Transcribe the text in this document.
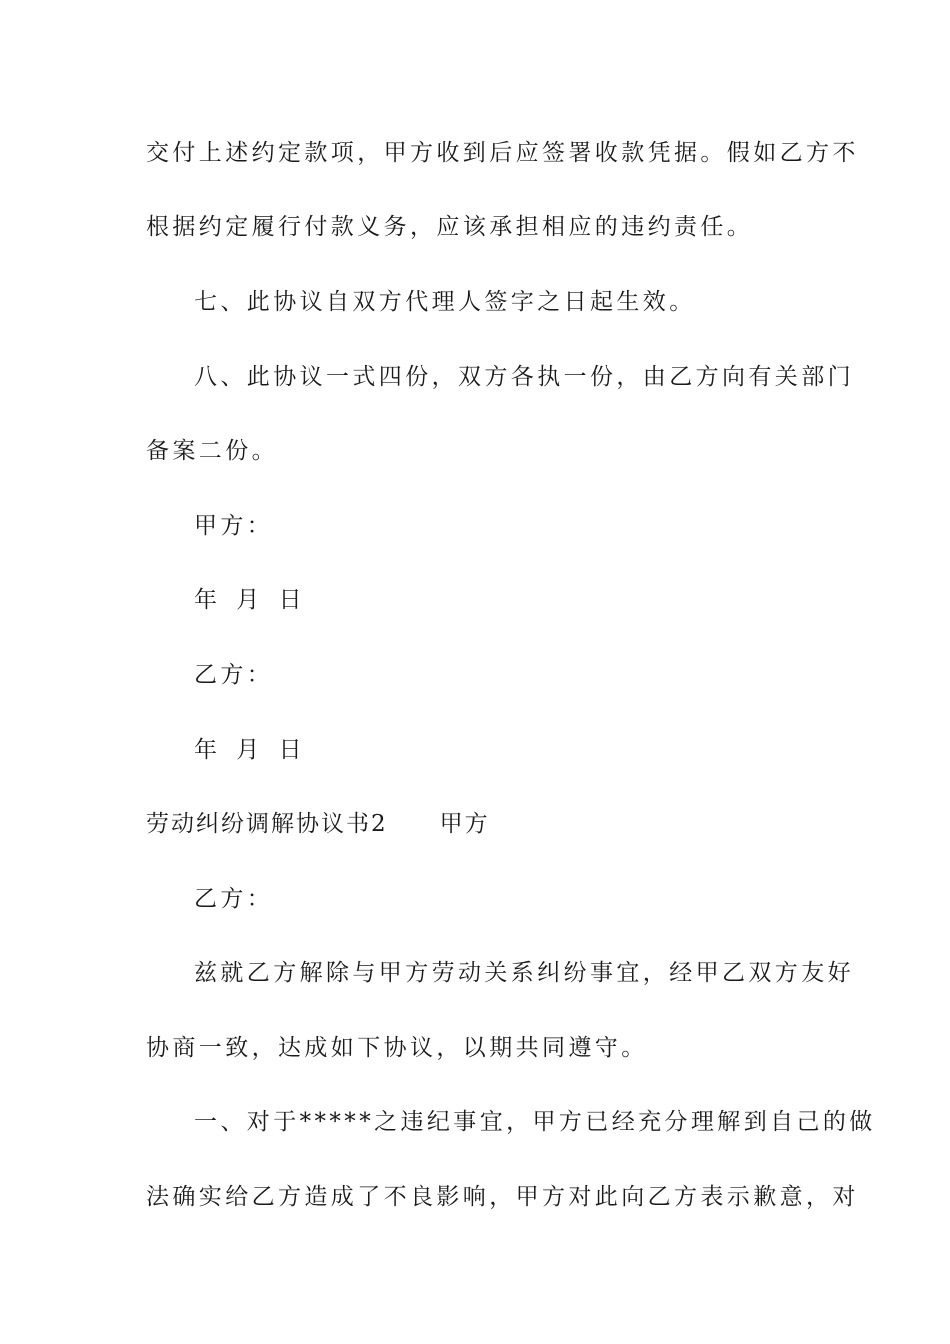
交付上述约定款项，甲方收到后应签署收款凭据。假如乙方不
根据约定履行付款义务，应该承担相应的违约责任。
七、此协议自双方代理人签字之日起生效。
八、此协议一式四份，双方各执一份，由乙方向有关部门
备案二份。
甲方：
年 月 日
乙方：
年 月 日
劳动纠纷调解协议书2 甲方
乙方：
兹就乙方解除与甲方劳动关系纠纷事宜，经甲乙双方友好
协商一致，达成如下协议，以期共同遵守。
一、对于*****之违纪事宜，甲方已经充分理解到自己的做
法确实给乙方造成了不良影响，甲方对此向乙方表示歉意，对
